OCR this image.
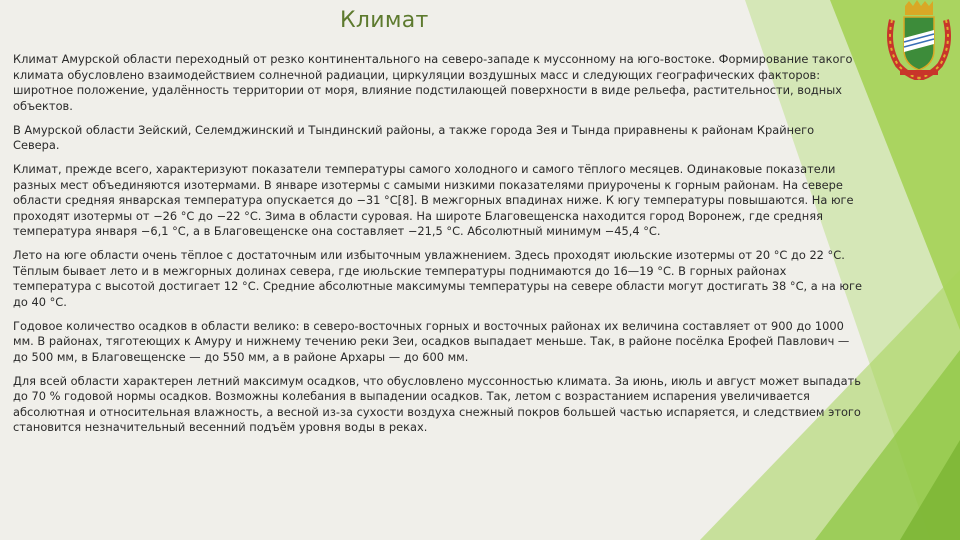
Климат

Климат Амурской области переходный от резко континентального на северо-западе к муссонному на юго-востоке. Формирование такого климата обусловлено взаимодействием солнечной радиации, циркуляции воздушных масс и следующих географических факторов: широтное положение, удалённость территории от моря, влияние подстилающей поверхности в виде рельефа, растительности, водных объектов.

В Амурской области Зейский, Селемджинский и Тындинский районы, а также города Зея и Тында приравнены к районам Крайнего Севера.

Климат, прежде всего, характеризуют показатели температуры самого холодного и самого тёплого месяцев. Одинаковые показатели разных мест объединяются изотермами. В январе изотермы с самыми низкими показателями приурочены к горным районам. На севере области средняя январская температура опускается до −31 °C[8]. В межгорных впадинах ниже. К югу температуры повышаются. На юге проходят изотермы от −26 °C до −22 °C. Зима в области суровая. На широте Благовещенска находится город Воронеж, где средняя температура января −6,1 °C, а в Благовещенске она составляет −21,5 °C. Абсолютный минимум −45,4 °C.

Лето на юге области очень тёплое с достаточным или избыточным увлажнением. Здесь проходят июльские изотермы от 20 °C до 22 °C. Тёплым бывает лето и в межгорных долинах севера, где июльские температуры поднимаются до 16—19 °C. В горных районах температура с высотой достигает 12 °C. Средние абсолютные максимумы температуры на севере области могут достигать 38 °C, а на юге до 40 °C.

Годовое количество осадков в области велико: в северо-восточных горных и восточных районах их величина составляет от 900 до 1000 мм. В районах, тяготеющих к Амуру и нижнему течению реки Зеи, осадков выпадает меньше. Так, в районе посёлка Ерофей Павлович — до 500 мм, в Благовещенске — до 550 мм, а в районе Архары — до 600 мм.

Для всей области характерен летний максимум осадков, что обусловлено муссонностью климата. За июнь, июль и август может выпадать до 70 % годовой нормы осадков. Возможны колебания в выпадении осадков. Так, летом с возрастанием испарения увеличивается абсолютная и относительная влажность, а весной из-за сухости воздуха снежный покров большей частью испаряется, и следствием этого становится незначительный весенний подъём уровня воды в реках.
